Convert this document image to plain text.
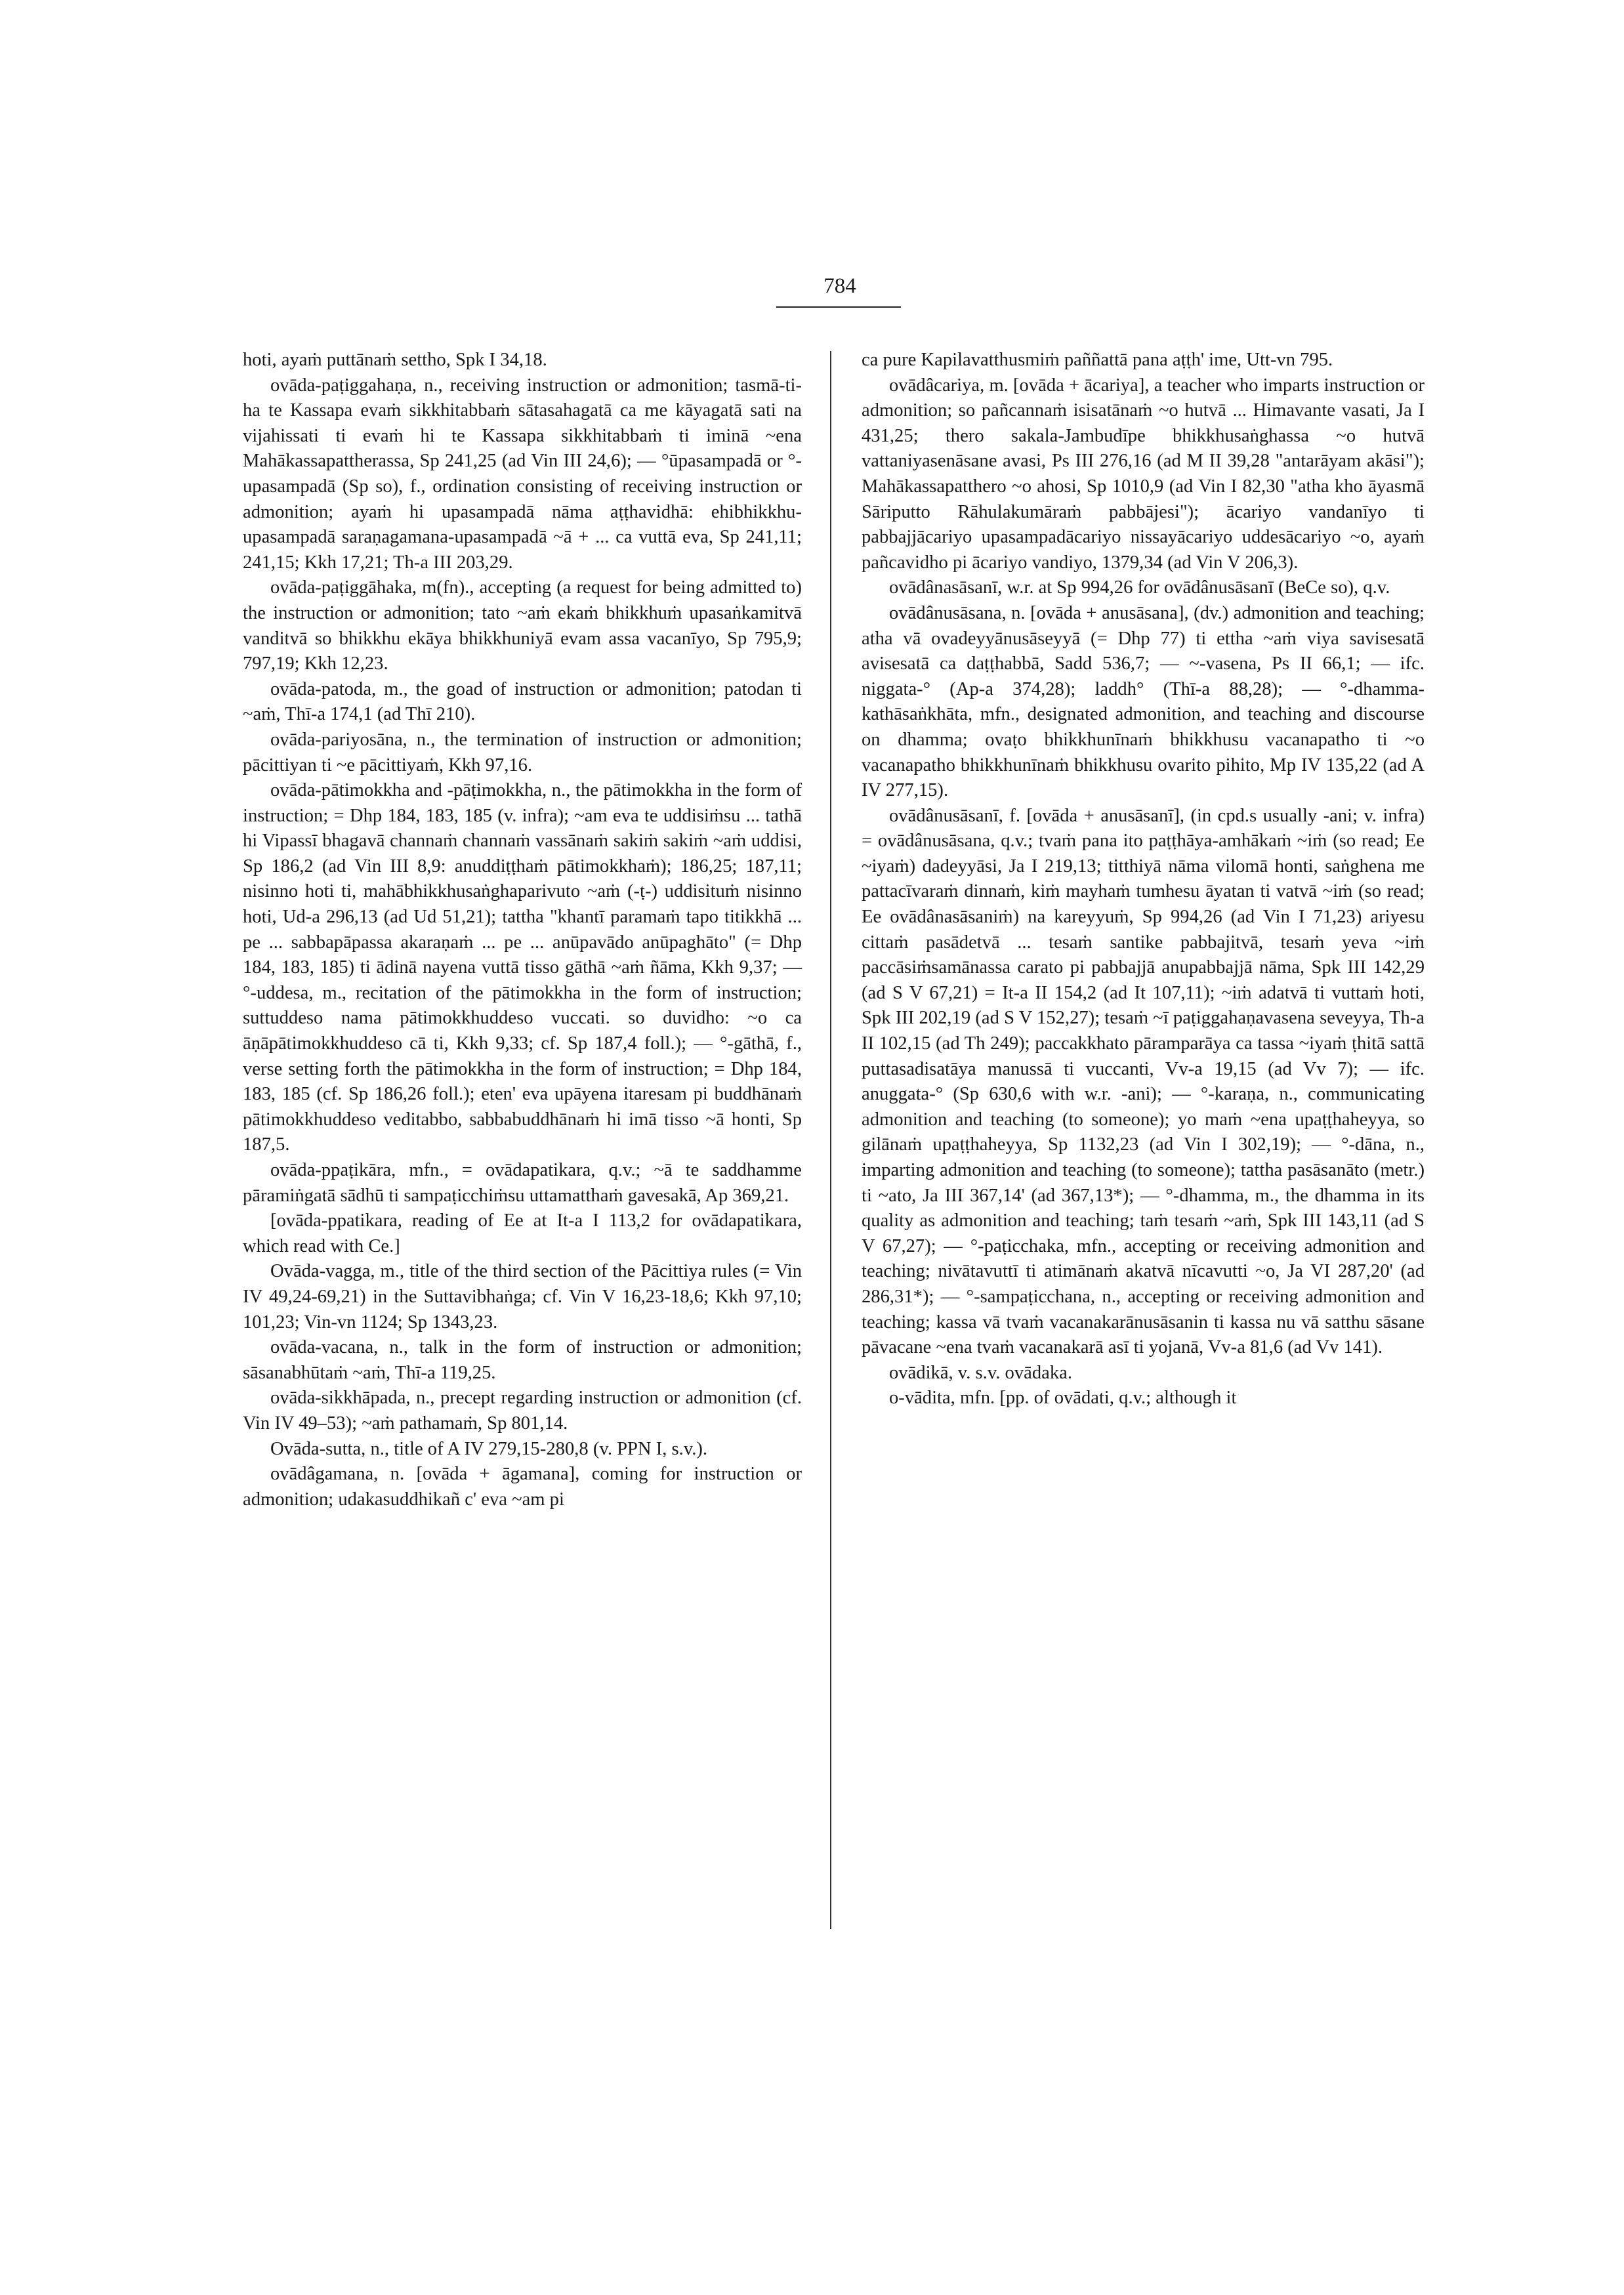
784

hoti, ayaṁ puttānaṁ settho, Spk I 34,18.

ovāda-paṭiggahaṇa, n., receiving instruction or admonition; tasmā-ti-ha te Kassapa evaṁ sikkhitabbaṁ sātasahagatā ca me kāyagatā sati na vijahissati ti evaṁ hi te Kassapa sikkhitabbaṁ ti iminā ~ena Mahākassapattherassa, Sp 241,25 (ad Vin III 24,6); — °ūpasampadā or °-upasampadā (Sp so), f., ordination consisting of receiving instruction or admonition; ayaṁ hi upasampadā nāma aṭṭhavidhā: ehibhikkhu-upasampadā saraṇagamana-upasampadā ~ā + ... ca vuttā eva, Sp 241,11; 241,15; Kkh 17,21; Th-a III 203,29.

ovāda-paṭiggāhaka, m(fn)., accepting (a request for being admitted to) the instruction or admonition; tato ~aṁ ekaṁ bhikkhuṁ upasaṅkamitvā vanditvā so bhikkhu ekāya bhikkhuniyā evam assa vacanīyo, Sp 795,9; 797,19; Kkh 12,23.

ovāda-patoda, m., the goad of instruction or admonition; patodan ti ~aṁ, Thī-a 174,1 (ad Thī 210).

ovāda-pariyosāna, n., the termination of instruction or admonition; pācittiyan ti ~e pācittiyaṁ, Kkh 97,16.

ovāda-pātimokkha and -pāṭimokkha, n., the pātimokkha in the form of instruction; = Dhp 184, 183, 185 (v. infra); ~am eva te uddisiṁsu ... tathā hi Vipassī bhagavā channaṁ channaṁ vassānaṁ sakiṁ sakiṁ ~aṁ uddisi, Sp 186,2 (ad Vin III 8,9: anuddiṭṭhaṁ pātimokkhaṁ); 186,25; 187,11; nisinno hoti ti, mahābhikkhusaṅghaparivuto ~aṁ (-ṭ-) uddisituṁ nisinno hoti, Ud-a 296,13 (ad Ud 51,21); tattha "khantī paramaṁ tapo titikkhā ... pe ... sabbapāpassa akaraṇaṁ ... pe ... anūpavādo anūpaghāto" (= Dhp 184, 183, 185) ti ādinā nayena vuttā tisso gāthā ~aṁ ñāma, Kkh 9,37; — °-uddesa, m., recitation of the pātimokkha in the form of instruction; suttuddeso nama pātimokkhuddeso vuccati. so duvidho: ~o ca āṇāpātimokkhuddeso cā ti, Kkh 9,33; cf. Sp 187,4 foll.); — °-gāthā, f., verse setting forth the pātimokkha in the form of instruction; = Dhp 184, 183, 185 (cf. Sp 186,26 foll.); eten' eva upāyena itaresam pi buddhānaṁ pātimokkhuddeso veditabbo, sabbabuddhānaṁ hi imā tisso ~ā honti, Sp 187,5.

ovāda-ppaṭikāra, mfn., = ovādapatikara, q.v.; ~ā te saddhamme pāramiṅgatā sādhū ti sampaṭicchiṁsu uttamatthaṁ gavesakā, Ap 369,21.

[ovāda-ppatikara, reading of Ee at It-a I 113,2 for ovādapatikara, which read with Ce.]

Ovāda-vagga, m., title of the third section of the Pācittiya rules (= Vin IV 49,24-69,21) in the Suttavibhaṅga; cf. Vin V 16,23-18,6; Kkh 97,10; 101,23; Vin-vn 1124; Sp 1343,23.

ovāda-vacana, n., talk in the form of instruction or admonition; sāsanabhūtaṁ ~aṁ, Thī-a 119,25.

ovāda-sikkhāpada, n., precept regarding instruction or admonition (cf. Vin IV 49–53); ~aṁ pathamaṁ, Sp 801,14.

Ovāda-sutta, n., title of A IV 279,15-280,8 (v. PPN I, s.v.).

ovādâgamana, n. [ovāda + āgamana], coming for instruction or admonition; udakasuddhikañ c' eva ~am pi

ca pure Kapilavatthusmiṁ paññattā pana aṭṭh' ime, Utt-vn 795.

ovādâcariya, m. [ovāda + ācariya], a teacher who imparts instruction or admonition; so pañcannaṁ isisatānaṁ ~o hutvā ... Himavante vasati, Ja I 431,25; thero sakala-Jambudīpe bhikkhusaṅghassa ~o hutvā vattaniyasenāsane avasi, Ps III 276,16 (ad M II 39,28 "antarāyam akāsi"); Mahākassapatthero ~o ahosi, Sp 1010,9 (ad Vin I 82,30 "atha kho āyasmā Sāriputto Rāhulakumāraṁ pabbājesi"); ācariyo vandanīyo ti pabbajjācariyo upasampadācariyo nissayācariyo uddesācariyo ~o, ayaṁ pañcavidho pi ācariyo vandiyo, 1379,34 (ad Vin V 206,3).

ovādânasāsanī, w.r. at Sp 994,26 for ovādânusāsanī (BeCe so), q.v.

ovādânusāsana, n. [ovāda + anusāsana], (dv.) admonition and teaching; atha vā ovadeyyānusāseyyā (= Dhp 77) ti ettha ~aṁ viya savisesatā avisesatā ca daṭṭhabbā, Sadd 536,7; — ~-vasena, Ps II 66,1; — ifc. niggata-° (Ap-a 374,28); laddh° (Thī-a 88,28); — °-dhamma-kathāsaṅkhāta, mfn., designated admonition, and teaching and discourse on dhamma; ovaṭo bhikkhunīnaṁ bhikkhusu vacanapatho ti ~o vacanapatho bhikkhunīnaṁ bhikkhusu ovarito pihito, Mp IV 135,22 (ad A IV 277,15).

ovādânusāsanī, f. [ovāda + anusāsanī], (in cpd.s usually -ani; v. infra) = ovādânusāsana, q.v.; tvaṁ pana ito paṭṭhāya-amhākaṁ ~iṁ (so read; Ee ~iyaṁ) dadeyyāsi, Ja I 219,13; titthiyā nāma vilomā honti, saṅghena me pattacīvaraṁ dinnaṁ, kiṁ mayhaṁ tumhesu āyatan ti vatvā ~iṁ (so read; Ee ovādânasāsaniṁ) na kareyyuṁ, Sp 994,26 (ad Vin I 71,23) ariyesu cittaṁ pasādetvā ... tesaṁ santike pabbajitvā, tesaṁ yeva ~iṁ paccāsiṁsamānassa carato pi pabbajjā anupabbajjā nāma, Spk III 142,29 (ad S V 67,21) = It-a II 154,2 (ad It 107,11); ~iṁ adatvā ti vuttaṁ hoti, Spk III 202,19 (ad S V 152,27); tesaṁ ~ī paṭiggahaṇavasena seveyya, Th-a II 102,15 (ad Th 249); paccakkhato pāramparāya ca tassa ~iyaṁ ṭhitā sattā puttasadisatāya manussā ti vuccanti, Vv-a 19,15 (ad Vv 7); — ifc. anuggata-° (Sp 630,6 with w.r. -ani); — °-karaṇa, n., communicating admonition and teaching (to someone); yo maṁ ~ena upaṭṭhaheyya, so gilānaṁ upaṭṭhaheyya, Sp 1132,23 (ad Vin I 302,19); — °-dāna, n., imparting admonition and teaching (to someone); tattha pasāsanāto (metr.) ti ~ato, Ja III 367,14' (ad 367,13*); — °-dhamma, m., the dhamma in its quality as admonition and teaching; taṁ tesaṁ ~aṁ, Spk III 143,11 (ad S V 67,27); — °-paṭicchaka, mfn., accepting or receiving admonition and teaching; nivātavuttī ti atimānaṁ akatvā nīcavutti ~o, Ja VI 287,20' (ad 286,31*); — °-sampaṭicchana, n., accepting or receiving admonition and teaching; kassa vā tvaṁ vacanakarānusāsanin ti kassa nu vā satthu sāsane pāvacane ~ena tvaṁ vacanakarā asī ti yojanā, Vv-a 81,6 (ad Vv 141).

ovādikā, v. s.v. ovādaka.

o-vādita, mfn. [pp. of ovādati, q.v.; although it
